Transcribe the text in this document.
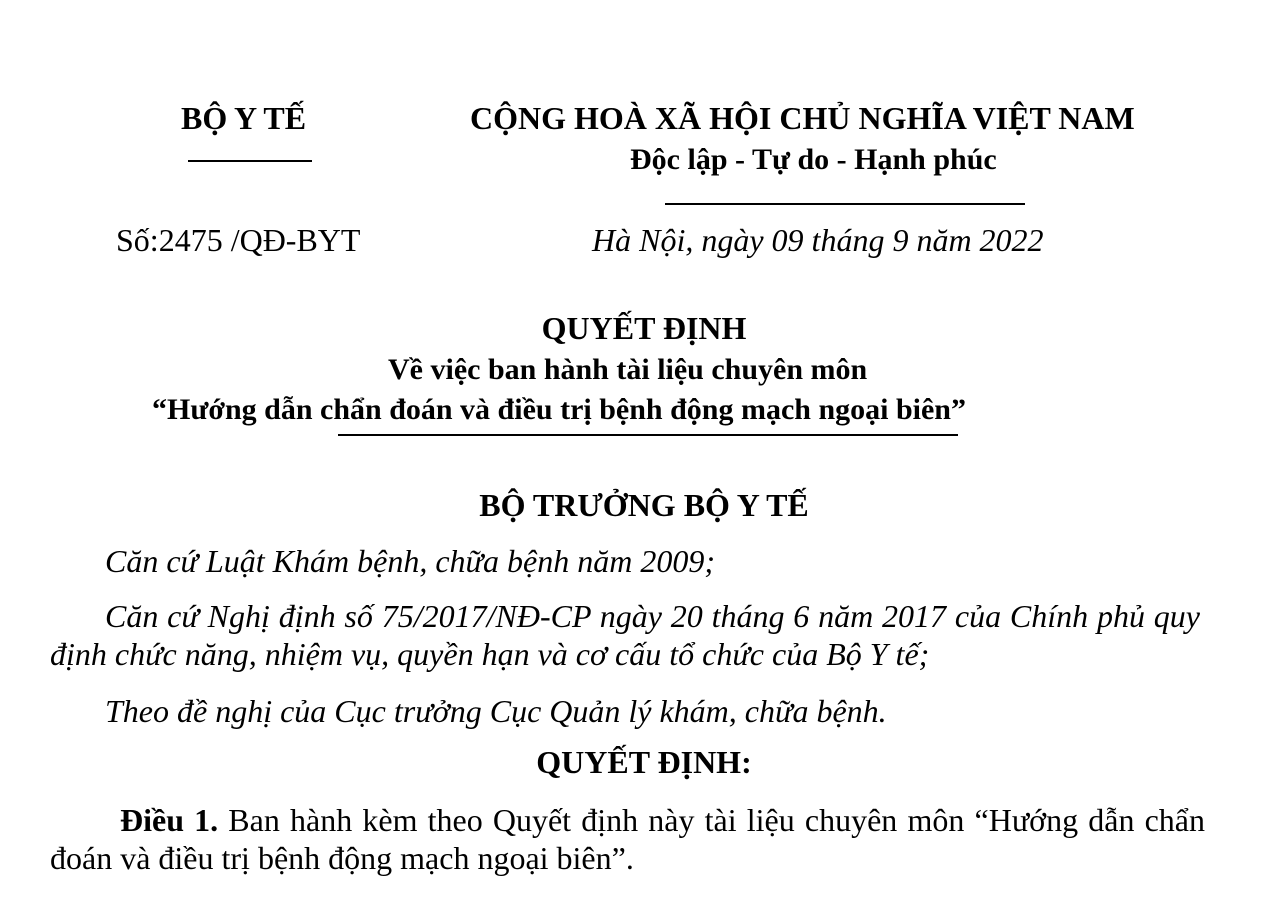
BỘ Y TẾ	CỘNG HOÀ XÃ HỘI CHỦ NGHĨA VIỆT NAM
Độc lập - Tự do - Hạnh phúc
Số:2475 /QĐ-BYT	Hà Nội, ngày 09 tháng 9 năm 2022
QUYẾT ĐỊNH
Về việc ban hành tài liệu chuyên môn
“Hướng dẫn chẩn đoán và điều trị bệnh động mạch ngoại biên”
BỘ TRƯỞNG BỘ Y TẾ
Căn cứ Luật Khám bệnh, chữa bệnh năm 2009;
Căn cứ Nghị định số 75/2017/NĐ-CP ngày 20 tháng 6 năm 2017 của Chính phủ quy định chức năng, nhiệm vụ, quyền hạn và cơ cấu tổ chức của Bộ Y tế;
Theo đề nghị của Cục trưởng Cục Quản lý khám, chữa bệnh.
QUYẾT ĐỊNH:
Điều 1. Ban hành kèm theo Quyết định này tài liệu chuyên môn “Hướng dẫn chẩn đoán và điều trị bệnh động mạch ngoại biên”.
